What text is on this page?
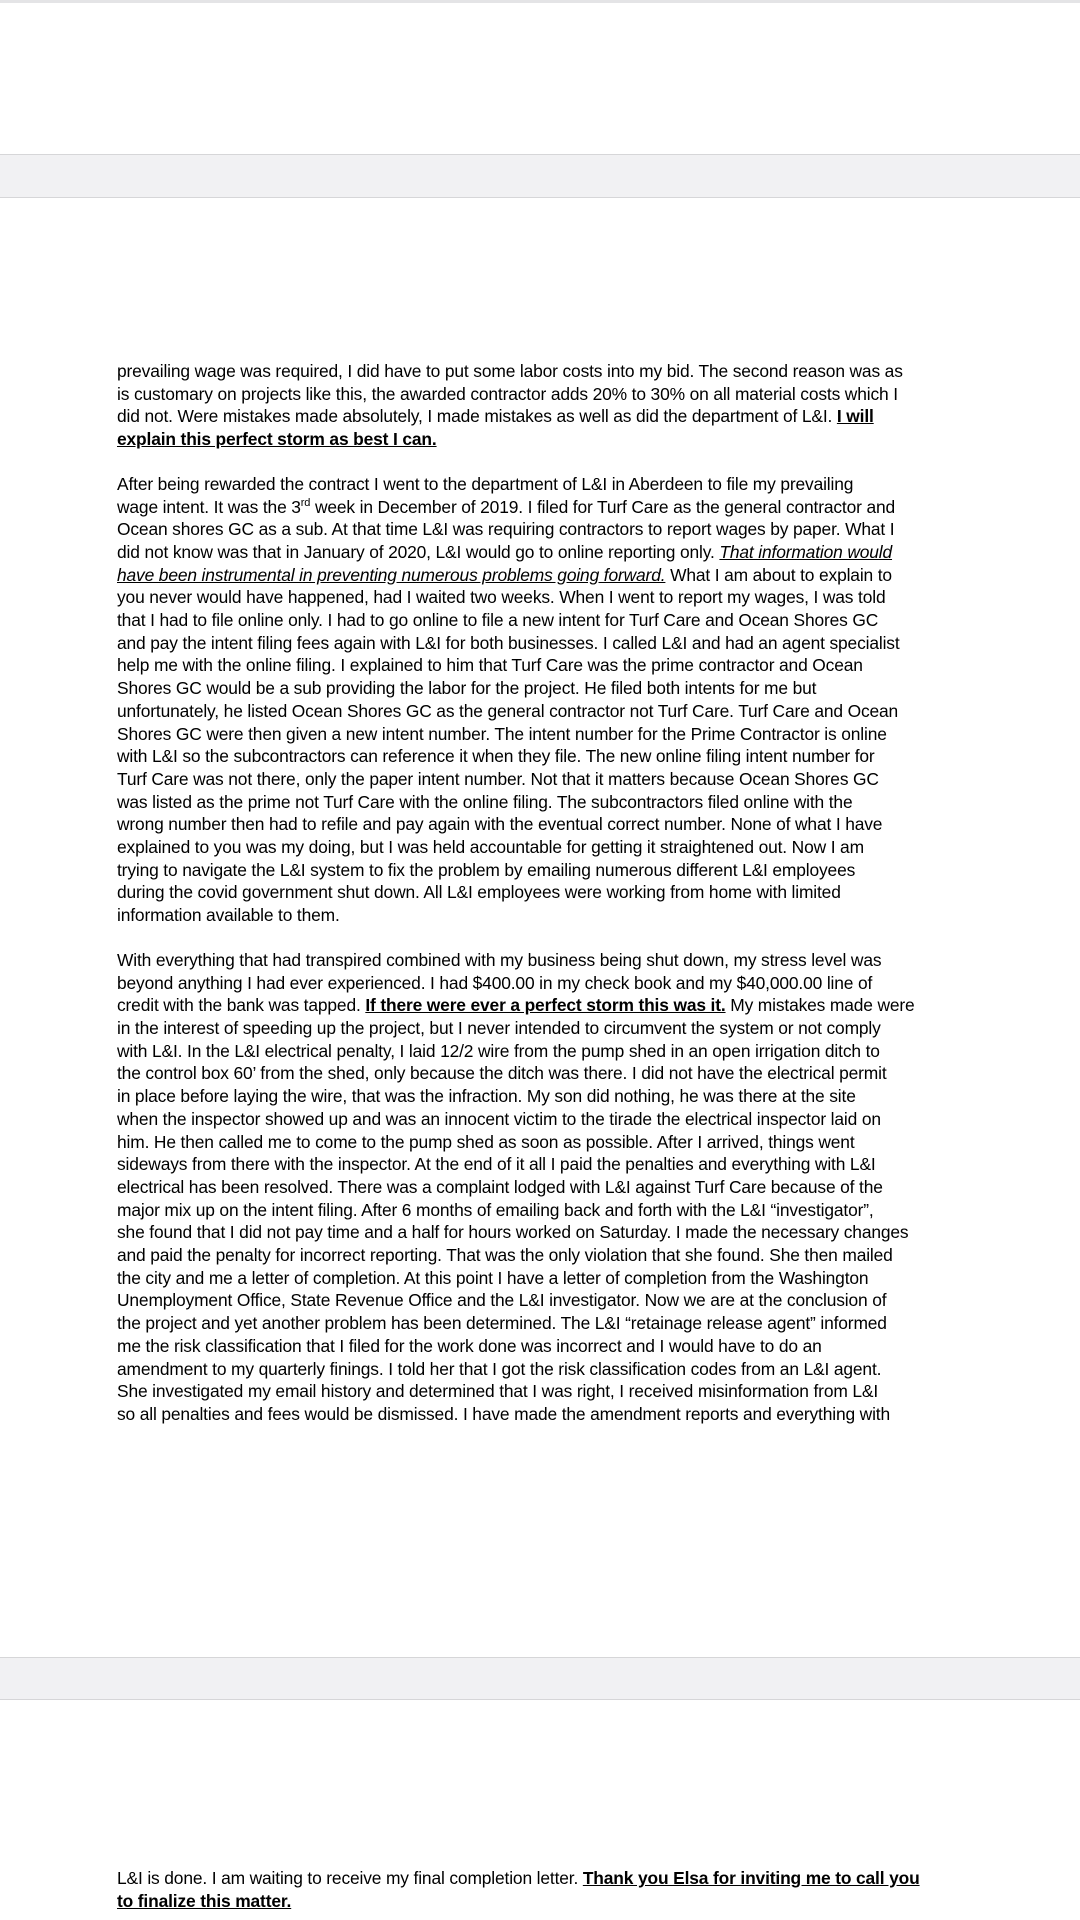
prevailing wage was required, I did have to put some labor costs into my bid. The second reason was as
is customary on projects like this, the awarded contractor adds 20% to 30% on all material costs which I
did not. Were mistakes made absolutely, I made mistakes as well as did the department of L&I. I will
explain this perfect storm as best I can.
After being rewarded the contract I went to the department of L&I in Aberdeen to file my prevailing
wage intent. It was the 3rd week in December of 2019. I filed for Turf Care as the general contractor and
Ocean shores GC as a sub. At that time L&I was requiring contractors to report wages by paper. What I
did not know was that in January of 2020, L&I would go to online reporting only. That information would
have been instrumental in preventing numerous problems going forward. What I am about to explain to
you never would have happened, had I waited two weeks. When I went to report my wages, I was told
that I had to file online only. I had to go online to file a new intent for Turf Care and Ocean Shores GC
and pay the intent filing fees again with L&I for both businesses. I called L&I and had an agent specialist
help me with the online filing. I explained to him that Turf Care was the prime contractor and Ocean
Shores GC would be a sub providing the labor for the project. He filed both intents for me but
unfortunately, he listed Ocean Shores GC as the general contractor not Turf Care. Turf Care and Ocean
Shores GC were then given a new intent number. The intent number for the Prime Contractor is online
with L&I so the subcontractors can reference it when they file. The new online filing intent number for
Turf Care was not there, only the paper intent number. Not that it matters because Ocean Shores GC
was listed as the prime not Turf Care with the online filing. The subcontractors filed online with the
wrong number then had to refile and pay again with the eventual correct number. None of what I have
explained to you was my doing, but I was held accountable for getting it straightened out. Now I am
trying to navigate the L&I system to fix the problem by emailing numerous different L&I employees
during the covid government shut down. All L&I employees were working from home with limited
information available to them.
With everything that had transpired combined with my business being shut down, my stress level was
beyond anything I had ever experienced. I had $400.00 in my check book and my $40,000.00 line of
credit with the bank was tapped. If there were ever a perfect storm this was it. My mistakes made were
in the interest of speeding up the project, but I never intended to circumvent the system or not comply
with L&I. In the L&I electrical penalty, I laid 12/2 wire from the pump shed in an open irrigation ditch to
the control box 60’ from the shed, only because the ditch was there. I did not have the electrical permit
in place before laying the wire, that was the infraction. My son did nothing, he was there at the site
when the inspector showed up and was an innocent victim to the tirade the electrical inspector laid on
him. He then called me to come to the pump shed as soon as possible. After I arrived, things went
sideways from there with the inspector. At the end of it all I paid the penalties and everything with L&I
electrical has been resolved. There was a complaint lodged with L&I against Turf Care because of the
major mix up on the intent filing. After 6 months of emailing back and forth with the L&I “investigator”,
she found that I did not pay time and a half for hours worked on Saturday. I made the necessary changes
and paid the penalty for incorrect reporting. That was the only violation that she found. She then mailed
the city and me a letter of completion. At this point I have a letter of completion from the Washington
Unemployment Office, State Revenue Office and the L&I investigator. Now we are at the conclusion of
the project and yet another problem has been determined. The L&I “retainage release agent” informed
me the risk classification that I filed for the work done was incorrect and I would have to do an
amendment to my quarterly finings. I told her that I got the risk classification codes from an L&I agent.
She investigated my email history and determined that I was right, I received misinformation from L&I
so all penalties and fees would be dismissed. I have made the amendment reports and everything with
L&I is done. I am waiting to receive my final completion letter. Thank you Elsa for inviting me to call you
to finalize this matter.
